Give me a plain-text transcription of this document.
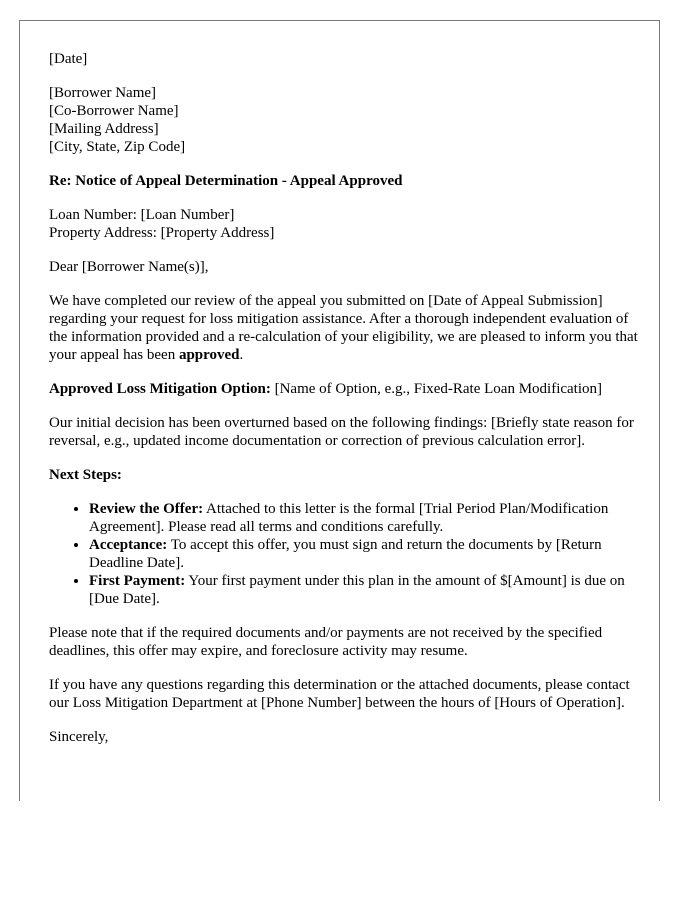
[Date]

[Borrower Name]
[Co-Borrower Name]
[Mailing Address]
[City, State, Zip Code]

Re: Notice of Appeal Determination - Appeal Approved

Loan Number: [Loan Number]
Property Address: [Property Address]

Dear [Borrower Name(s)],

We have completed our review of the appeal you submitted on [Date of Appeal Submission] regarding your request for loss mitigation assistance. After a thorough independent evaluation of the information provided and a re-calculation of your eligibility, we are pleased to inform you that your appeal has been approved.

Approved Loss Mitigation Option: [Name of Option, e.g., Fixed-Rate Loan Modification]

Our initial decision has been overturned based on the following findings: [Briefly state reason for reversal, e.g., updated income documentation or correction of previous calculation error].

Next Steps:

• Review the Offer: Attached to this letter is the formal [Trial Period Plan/Modification Agreement]. Please read all terms and conditions carefully.
• Acceptance: To accept this offer, you must sign and return the documents by [Return Deadline Date].
• First Payment: Your first payment under this plan in the amount of $[Amount] is due on [Due Date].

Please note that if the required documents and/or payments are not received by the specified deadlines, this offer may expire, and foreclosure activity may resume.

If you have any questions regarding this determination or the attached documents, please contact our Loss Mitigation Department at [Phone Number] between the hours of [Hours of Operation].

Sincerely,
